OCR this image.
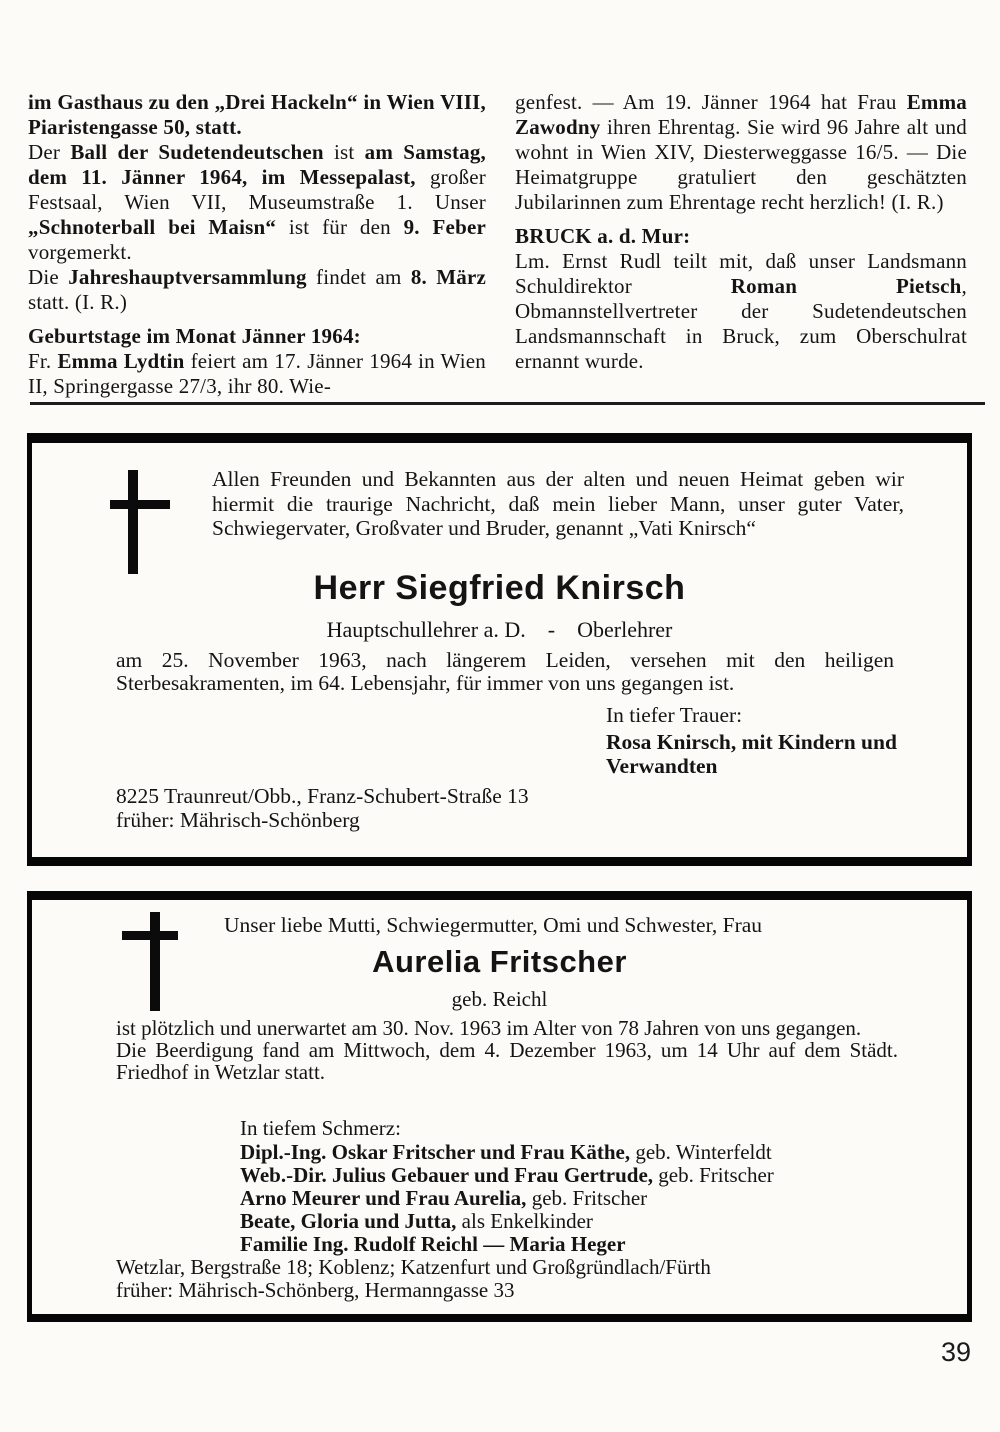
im Gasthaus zu den „Drei Hackeln“ in Wien VIII, Piaristengasse 50, statt.

Der Ball der Sudetendeutschen ist am Samstag, dem 11. Jänner 1964, im Messepalast, großer Festsaal, Wien VII, Museumstraße 1. Unser „Schnoterball bei Maisn“ ist für den 9. Feber vorgemerkt.

Die Jahreshauptversammlung findet am 8. März statt. (I. R.)

Geburtstage im Monat Jänner 1964:

Fr. Emma Lydtin feiert am 17. Jänner 1964 in Wien II, Springergasse 27/3, ihr 80. Wie-

genfest. — Am 19. Jänner 1964 hat Frau Emma Zawodny ihren Ehrentag. Sie wird 96 Jahre alt und wohnt in Wien XIV, Diesterweggasse 16/5. — Die Heimatgruppe gratuliert den geschätzten Jubilarinnen zum Ehrentage recht herzlich! (I. R.)

BRUCK a. d. Mur:

Lm. Ernst Rudl teilt mit, daß unser Landsmann Schuldirektor Roman Pietsch, Obmannstellvertreter der Sudetendeutschen Landsmannschaft in Bruck, zum Oberschulrat ernannt wurde.

Allen Freunden und Bekannten aus der alten und neuen Heimat geben wir hiermit die traurige Nachricht, daß mein lieber Mann, unser guter Vater, Schwiegervater, Großvater und Bruder, genannt „Vati Knirsch“

Herr Siegfried Knirsch

Hauptschullehrer a. D. - Oberlehrer

am 25. November 1963, nach längerem Leiden, versehen mit den heiligen Sterbesakramenten, im 64. Lebensjahr, für immer von uns gegangen ist.

In tiefer Trauer:

Rosa Knirsch, mit Kindern und Verwandten

8225 Traunreut/Obb., Franz-Schubert-Straße 13

früher: Mährisch-Schönberg

Unser liebe Mutti, Schwiegermutter, Omi und Schwester, Frau

Aurelia Fritscher

geb. Reichl

ist plötzlich und unerwartet am 30. Nov. 1963 im Alter von 78 Jahren von uns gegangen.

Die Beerdigung fand am Mittwoch, dem 4. Dezember 1963, um 14 Uhr auf dem Städt. Friedhof in Wetzlar statt.

In tiefem Schmerz:

Dipl.-Ing. Oskar Fritscher und Frau Käthe, geb. Winterfeldt

Web.-Dir. Julius Gebauer und Frau Gertrude, geb. Fritscher

Arno Meurer und Frau Aurelia, geb. Fritscher

Beate, Gloria und Jutta, als Enkelkinder

Familie Ing. Rudolf Reichl — Maria Heger

Wetzlar, Bergstraße 18; Koblenz; Katzenfurt und Großgründlach/Fürth

früher: Mährisch-Schönberg, Hermanngasse 33

39
